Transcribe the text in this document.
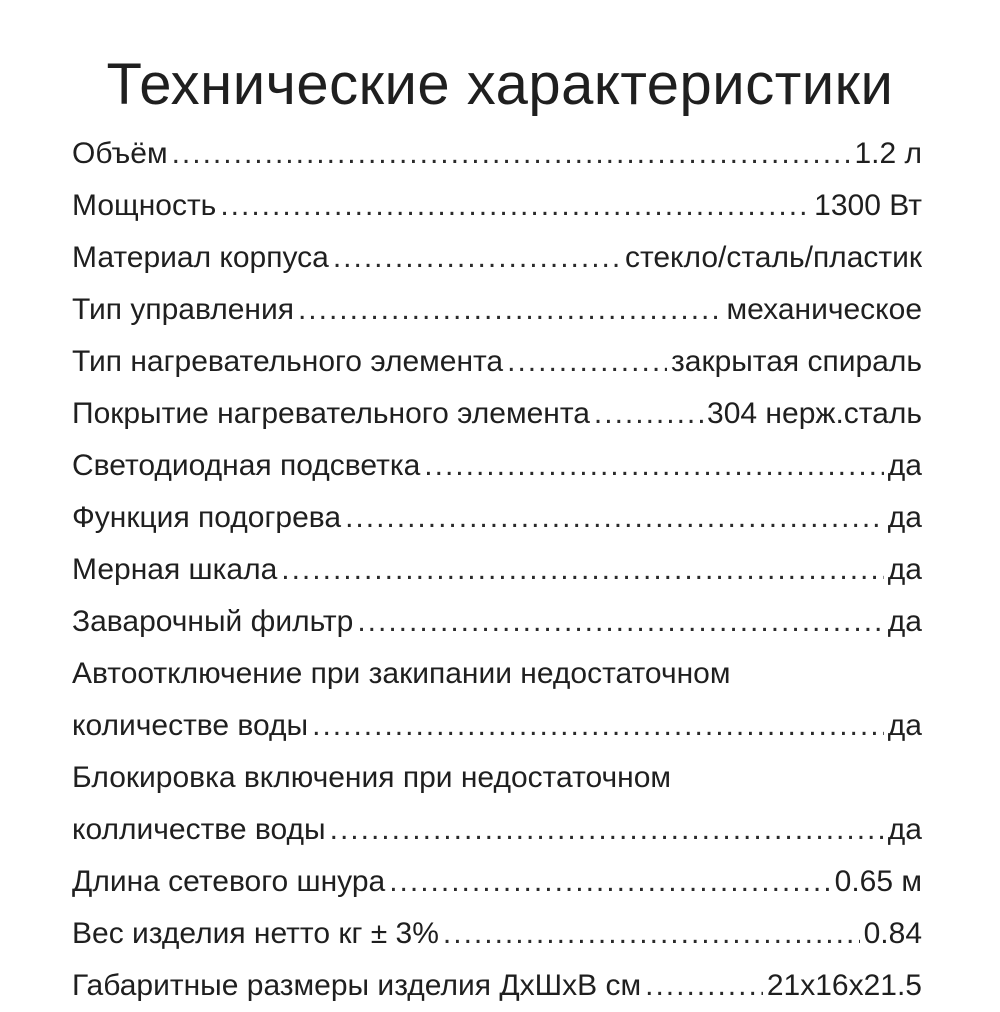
Технические характеристики
Объём .....	1.2 л
Мощность .....	1300 Вт
Материал корпуса .....	стекло/сталь/пластик
Тип управления .....	механическое
Тип нагревательного элемента .....	закрытая спираль
Покрытие нагревательного элемента .....	304 нерж.сталь
Светодиодная подсветка .....	да
Функция подогрева .....	да
Мерная шкала .....	да
Заварочный фильтр .....	да
Автоотключение при закипании недостаточном
количестве воды .....	да
Блокировка включения при недостаточном
колличестве воды .....	да
Длина сетевого шнура .....	0.65 м
Вес изделия нетто кг ± 3% .....	0.84
Габаритные размеры изделия ДхШхВ см .....	21x16x21.5
